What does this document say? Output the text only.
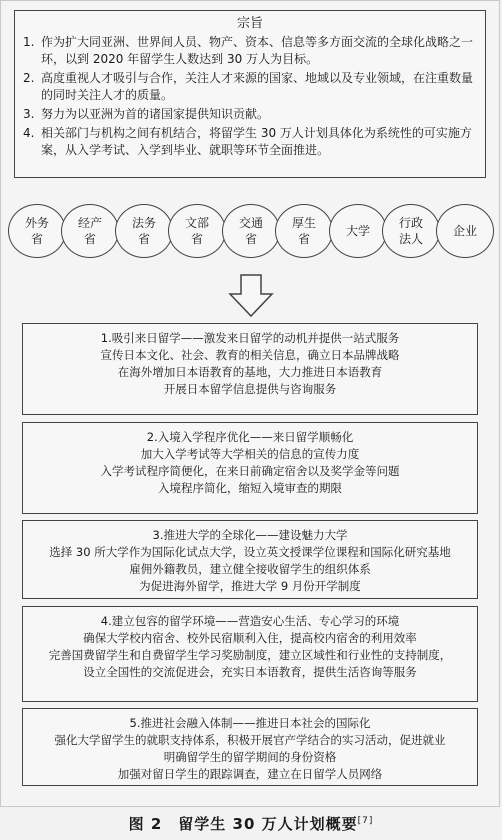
宗旨
1. 作为扩大同亚洲、世界间人员、物产、资本、信息等多方面交流的全球化战略之一环，以到 2020 年留学生人数达到 30 万人为目标。
2. 高度重视人才吸引与合作，关注人才来源的国家、地域以及专业领域，在注重数量的同时关注人才的质量。
3. 努力为以亚洲为首的诸国家提供知识贡献。
4. 相关部门与机构之间有机结合，将留学生 30 万人计划具体化为系统性的可实施方案，从入学考试、入学到毕业、就职等环节全面推进。
外务
省
经产
省
法务
省
文部
省
交通
省
厚生
省
大学
行政
法人
企业
1.吸引来日留学——激发来日留学的动机并提供一站式服务
宣传日本文化、社会、教育的相关信息，确立日本品牌战略
在海外增加日本语教育的基地，大力推进日本语教育
开展日本留学信息提供与咨询服务
2.入境入学程序优化——来日留学顺畅化
加大入学考试等大学相关的信息的宣传力度
入学考试程序简便化，在来日前确定宿舍以及奖学金等问题
入境程序简化，缩短入境审查的期限
3.推进大学的全球化——建设魅力大学
选择 30 所大学作为国际化试点大学，设立英文授课学位课程和国际化研究基地
雇佣外籍教员，建立健全接收留学生的组织体系
为促进海外留学，推进大学 9 月份开学制度
4.建立包容的留学环境——营造安心生活、专心学习的环境
确保大学校内宿舍、校外民宿顺利入住，提高校内宿舍的利用效率
完善国费留学生和自费留学生学习奖励制度，建立区域性和行业性的支持制度，
设立全国性的交流促进会，充实日本语教育，提供生活咨询等服务
5.推进社会融入体制——推进日本社会的国际化
强化大学留学生的就职支持体系，积极开展官产学结合的实习活动，促进就业
明确留学生的留学期间的身份资格
加强对留日学生的跟踪调查，建立在日留学人员网络
图 2　留学生 30 万人计划概要[7]
